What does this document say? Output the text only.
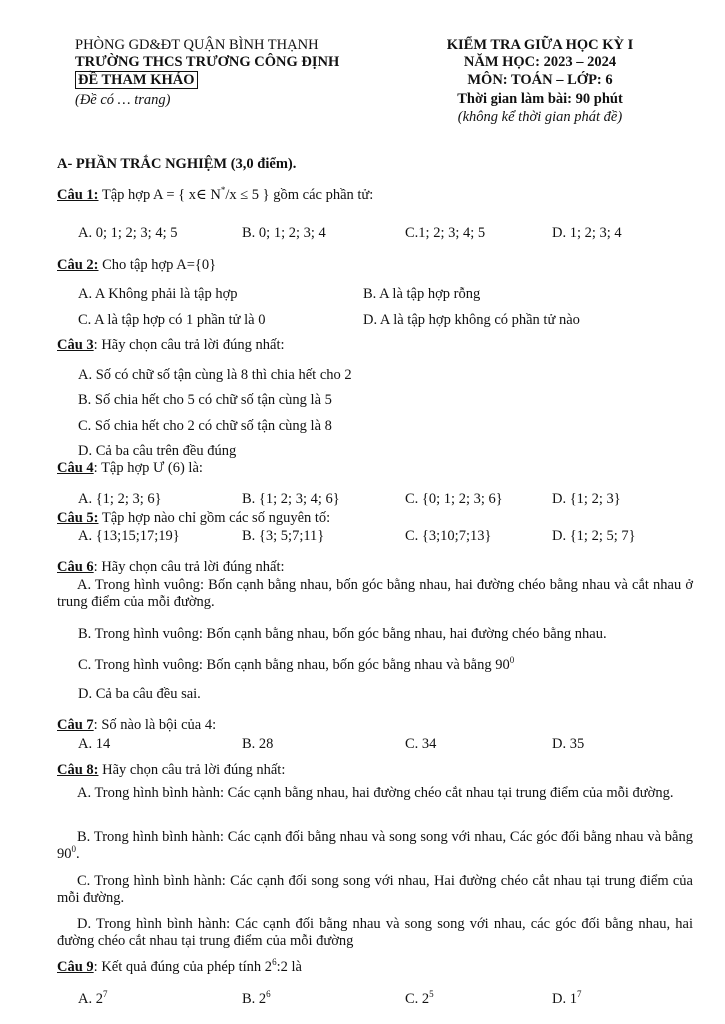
PHÒNG GD&ĐT QUẬN BÌNH THẠNH
TRƯỜNG THCS TRƯƠNG CÔNG ĐỊNH
ĐỀ THAM KHẢO
(Đề có … trang)
KIỂM TRA GIỮA HỌC KỲ I
NĂM HỌC: 2023 – 2024
MÔN: TOÁN – LỚP: 6
Thời gian làm bài: 90 phút
(không kể thời gian phát đề)
A- PHẦN TRẮC NGHIỆM (3,0 điểm).
Câu 1: Tập hợp A = { x∈ N*/x ≤ 5 } gồm các phần tử:
A. 0; 1; 2; 3; 4; 5	B. 0; 1; 2; 3; 4	C.1; 2; 3; 4; 5	D. 1; 2; 3; 4
Câu 2: Cho tập hợp A={0}
A. A Không phải là tập hợp	B. A là tập hợp rỗng
C. A là tập hợp có 1 phần tử là 0	D. A là tập hợp không có phần tử nào
Câu 3: Hãy chọn câu trả lời đúng nhất:
A. Số có chữ số tận cùng là 8 thì chia hết cho 2
B. Số chia hết cho 5 có chữ số tận cùng là 5
C. Số chia hết cho 2 có chữ số tận cùng là 8
D. Cả ba câu trên đều đúng
Câu 4: Tập hợp Ư (6) là:
A. {1; 2; 3; 6}	B. {1; 2; 3; 4; 6}	C. {0; 1; 2; 3; 6}	D. {1; 2; 3}
Câu 5: Tập hợp nào chỉ gồm các số nguyên tố:
A. {13;15;17;19}	B. {3; 5;7;11}	C. {3;10;7;13}	D. {1; 2; 5; 7}
Câu 6: Hãy chọn câu trả lời đúng nhất:
A. Trong hình vuông: Bốn cạnh bằng nhau, bốn góc bằng nhau, hai đường chéo bằng nhau và cắt nhau ở trung điểm của mỗi đường.
B. Trong hình vuông: Bốn cạnh bằng nhau, bốn góc bằng nhau, hai đường chéo bằng nhau.
C. Trong hình vuông: Bốn cạnh bằng nhau, bốn góc bằng nhau và bằng $90^0$
D. Cả ba câu đều sai.
Câu 7: Số nào là bội của 4:
A. 14	B. 28	C. 34	D. 35
Câu 8: Hãy chọn câu trả lời đúng nhất:
A. Trong hình bình hành: Các cạnh bằng nhau, hai đường chéo cắt nhau tại trung điểm của mỗi đường.
B. Trong hình bình hành: Các cạnh đối bằng nhau và song song với nhau, Các góc đối bằng nhau và bằng $90^0$.
C. Trong hình bình hành: Các cạnh đối song song với nhau, Hai đường chéo cắt nhau tại trung điểm của mỗi đường.
D. Trong hình bình hành: Các cạnh đối bằng nhau và song song với nhau, các góc đối bằng nhau, hai đường chéo cắt nhau tại trung điểm của mỗi đường
Câu 9: Kết quả đúng của phép tính $2^6:2$ là
A. $2^7$	B. $2^6$	C. $2^5$	D. $1^7$
